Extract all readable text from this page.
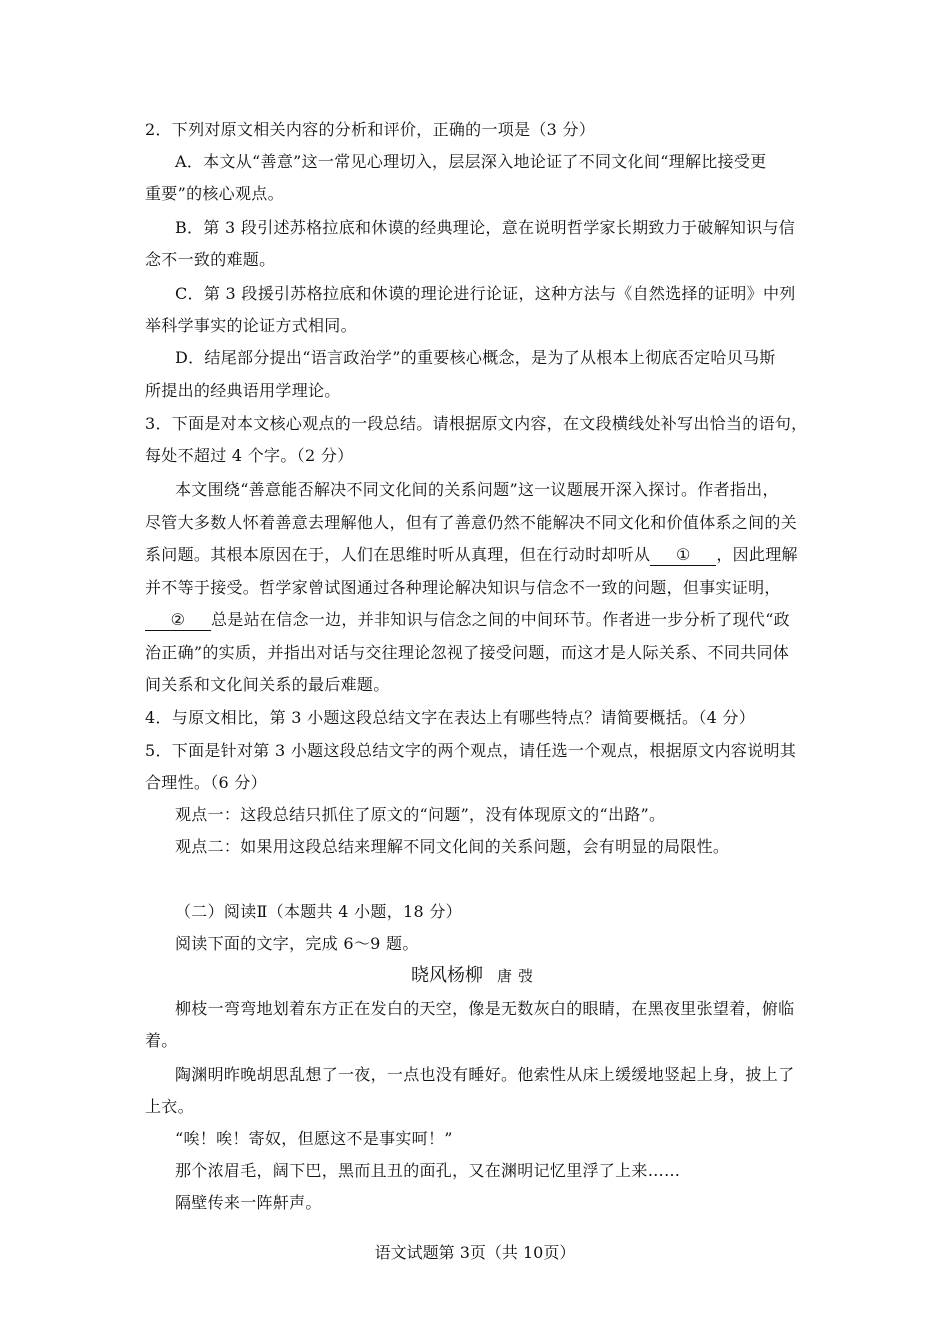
2．下列对原文相关内容的分析和评价，正确的一项是（3 分）
A．本文从“善意”这一常见心理切入，层层深入地论证了不同文化间“理解比接受更
重要”的核心观点。
B．第 3 段引述苏格拉底和休谟的经典理论，意在说明哲学家长期致力于破解知识与信
念不一致的难题。
C．第 3 段援引苏格拉底和休谟的理论进行论证，这种方法与《自然选择的证明》中列
举科学事实的论证方式相同。
D．结尾部分提出“语言政治学”的重要核心概念，是为了从根本上彻底否定哈贝马斯
所提出的经典语用学理论。
3．下面是对本文核心观点的一段总结。请根据原文内容，在文段横线处补写出恰当的语句，
每处不超过 4 个字。（2 分）
本文围绕“善意能否解决不同文化间的关系问题”这一议题展开深入探讨。作者指出，
尽管大多数人怀着善意去理解他人，但有了善意仍然不能解决不同文化和价值体系之间的关
系问题。其根本原因在于，人们在思维时听从真理，但在行动时却听从 ① ，因此理解
并不等于接受。哲学家曾试图通过各种理论解决知识与信念不一致的问题，但事实证明，
② 总是站在信念一边，并非知识与信念之间的中间环节。作者进一步分析了现代“政
治正确”的实质，并指出对话与交往理论忽视了接受问题，而这才是人际关系、不同共同体
间关系和文化间关系的最后难题。
4．与原文相比，第 3 小题这段总结文字在表达上有哪些特点？请简要概括。（4 分）
5．下面是针对第 3 小题这段总结文字的两个观点，请任选一个观点，根据原文内容说明其
合理性。（6 分）
观点一：这段总结只抓住了原文的“问题”，没有体现原文的“出路”。
观点二：如果用这段总结来理解不同文化间的关系问题，会有明显的局限性。
（二）阅读Ⅱ（本题共 4 小题，18 分）
阅读下面的文字，完成 6～9 题。
晓风杨柳 唐弢
柳枝一弯弯地划着东方正在发白的天空，像是无数灰白的眼睛，在黑夜里张望着，俯临
着。
陶渊明昨晚胡思乱想了一夜，一点也没有睡好。他索性从床上缓缓地竖起上身，披上了
上衣。
“唉！唉！寄奴，但愿这不是事实呵！”
那个浓眉毛，阔下巴，黑而且丑的面孔，又在渊明记忆里浮了上来……
隔壁传来一阵鼾声。
语文试题第 3页（共 10页）
